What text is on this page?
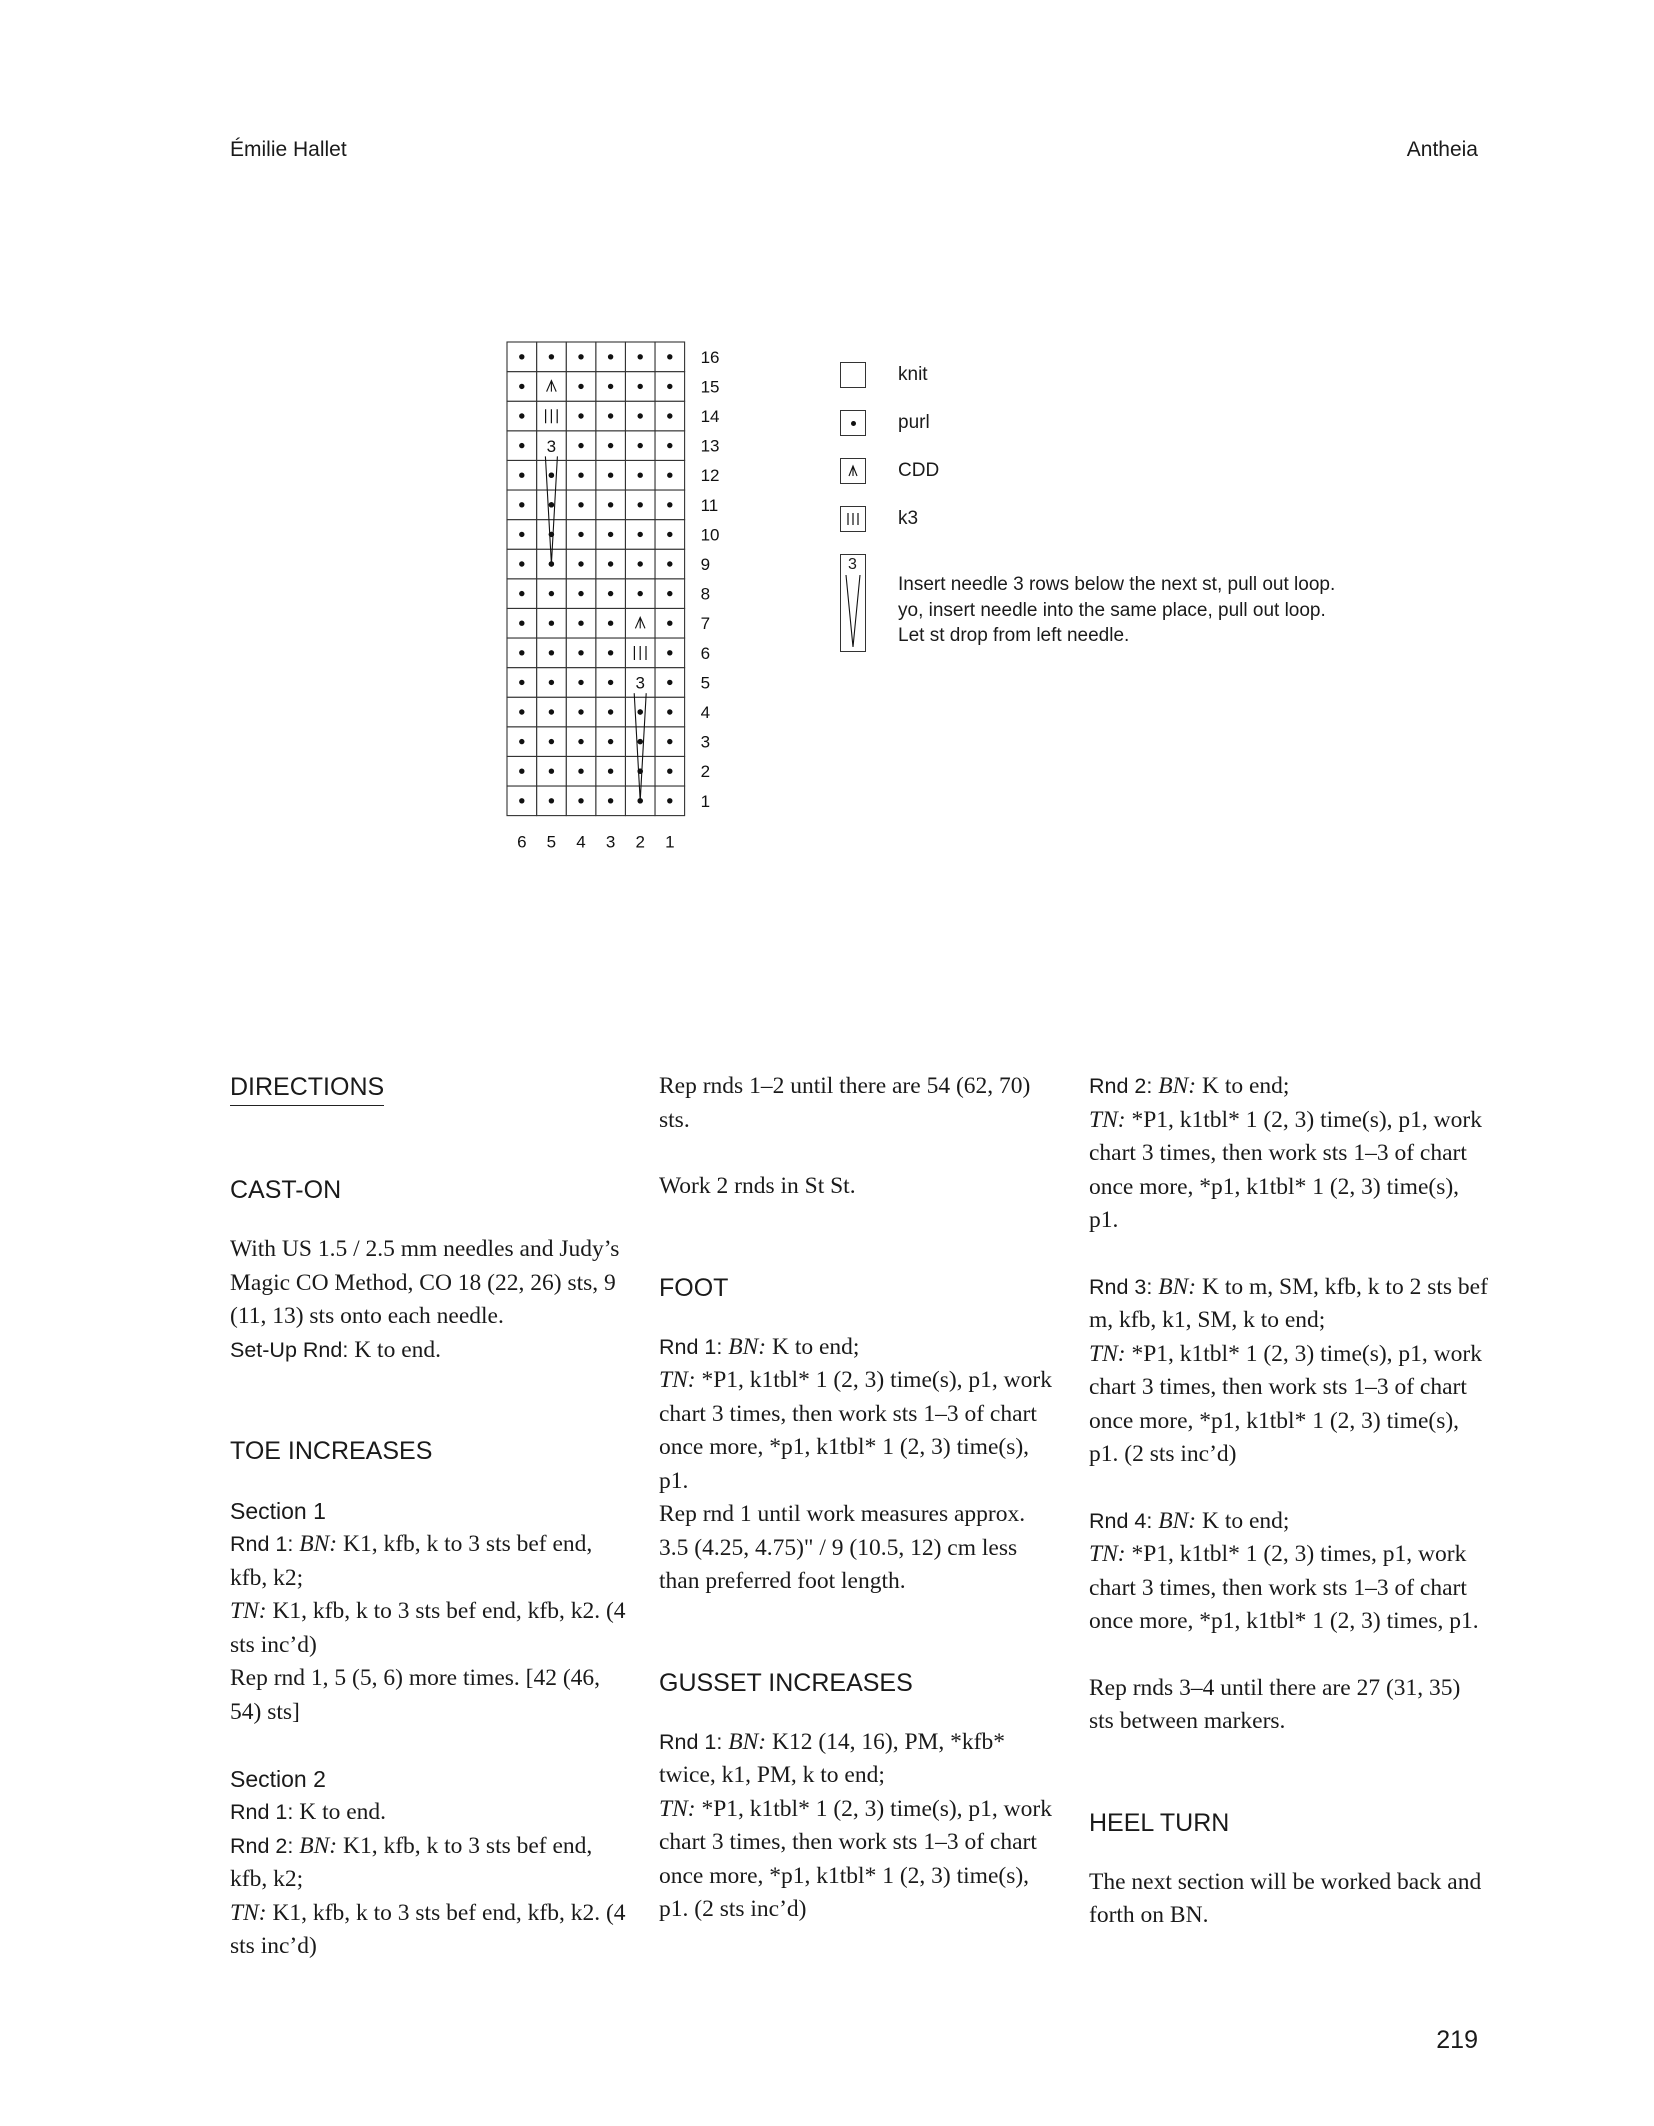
Émilie Hallet	Antheia
3
3
16
15
14
13
12
11
10
9
8
7
6
5
4
3
2
1
6 5 4 3 2 1
knit
purl
CDD
k3
3
Insert needle 3 rows below the next st, pull out loop. yo, insert needle into the same place, pull out loop. Let st drop from left needle.
DIRECTIONS
CAST-ON

With US 1.5 / 2.5 mm needles and Judy’s Magic CO Method, CO 18 (22, 26) sts, 9 (11, 13) sts onto each needle.

Set-Up Rnd: K to end.

TOE INCREASES
Section 1

Rnd 1: BN: K1, kfb, k to 3 sts bef end, kfb, k2;

TN: K1, kfb, k to 3 sts bef end, kfb, k2. (4 sts inc’d)

Rep rnd 1, 5 (5, 6) more times. [42 (46, 54) sts]

Section 2

Rnd 1: K to end.

Rnd 2: BN: K1, kfb, k to 3 sts bef end, kfb, k2;

TN: K1, kfb, k to 3 sts bef end, kfb, k2. (4 sts inc’d)

Rep rnds 1–2 until there are 54 (62, 70) sts.

Work 2 rnds in St St.

FOOT

Rnd 1: BN: K to end;

TN: *P1, k1tbl* 1 (2, 3) time(s), p1, work chart 3 times, then work sts 1–3 of chart once more, *p1, k1tbl* 1 (2, 3) time(s), p1.

Rep rnd 1 until work measures approx. 3.5 (4.25, 4.75)" / 9 (10.5, 12) cm less than preferred foot length.

GUSSET INCREASES

Rnd 1: BN: K12 (14, 16), PM, *kfb* twice, k1, PM, k to end;

TN: *P1, k1tbl* 1 (2, 3) time(s), p1, work chart 3 times, then work sts 1–3 of chart once more, *p1, k1tbl* 1 (2, 3) time(s), p1. (2 sts inc’d)

Rnd 2: BN: K to end;

TN: *P1, k1tbl* 1 (2, 3) time(s), p1, work chart 3 times, then work sts 1–3 of chart once more, *p1, k1tbl* 1 (2, 3) time(s), p1.

Rnd 3: BN: K to m, SM, kfb, k to 2 sts bef m, kfb, k1, SM, k to end;

TN: *P1, k1tbl* 1 (2, 3) time(s), p1, work chart 3 times, then work sts 1–3 of chart once more, *p1, k1tbl* 1 (2, 3) time(s), p1. (2 sts inc’d)

Rnd 4: BN: K to end;

TN: *P1, k1tbl* 1 (2, 3) times, p1, work chart 3 times, then work sts 1–3 of chart once more, *p1, k1tbl* 1 (2, 3) times, p1.

Rep rnds 3–4 until there are 27 (31, 35) sts between markers.

HEEL TURN

The next section will be worked back and forth on BN.

219
